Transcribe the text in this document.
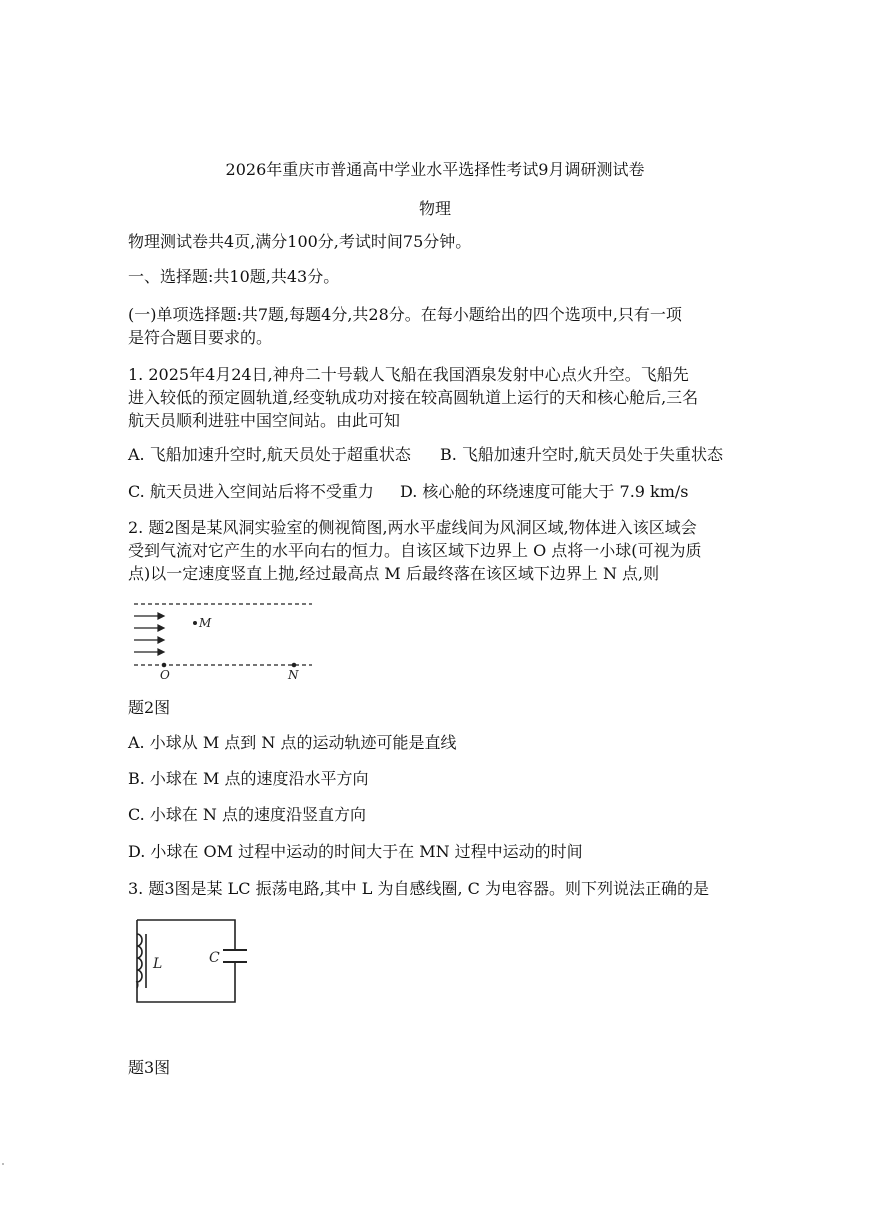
2026年重庆市普通高中学业水平选择性考试9月调研测试卷
物理
物理测试卷共4页,满分100分,考试时间75分钟。
一、选择题:共10题,共43分。
(一)单项选择题:共7题,每题4分,共28分。在每小题给出的四个选项中,只有一项
是符合题目要求的。
1. 2025年4月24日,神舟二十号载人飞船在我国酒泉发射中心点火升空。飞船先
进入较低的预定圆轨道,经变轨成功对接在较高圆轨道上运行的天和核心舱后,三名
航天员顺利进驻中国空间站。由此可知
A. 飞船加速升空时,航天员处于超重状态 B. 飞船加速升空时,航天员处于失重状态
C. 航天员进入空间站后将不受重力 D. 核心舱的环绕速度可能大于 7.9 km/s
2. 题2图是某风洞实验室的侧视简图,两水平虚线间为风洞区域,物体进入该区域会
受到气流对它产生的水平向右的恒力。自该区域下边界上 O 点将一小球(可视为质
点)以一定速度竖直上抛,经过最高点 M 后最终落在该区域下边界上 N 点,则
M
O	N
题2图
A. 小球从 M 点到 N 点的运动轨迹可能是直线
B. 小球在 M 点的速度沿水平方向
C. 小球在 N 点的速度沿竖直方向
D. 小球在 OM 过程中运动的时间大于在 MN 过程中运动的时间
3. 题3图是某 LC 振荡电路,其中 L 为自感线圈, C 为电容器。则下列说法正确的是
L	C
题3图
